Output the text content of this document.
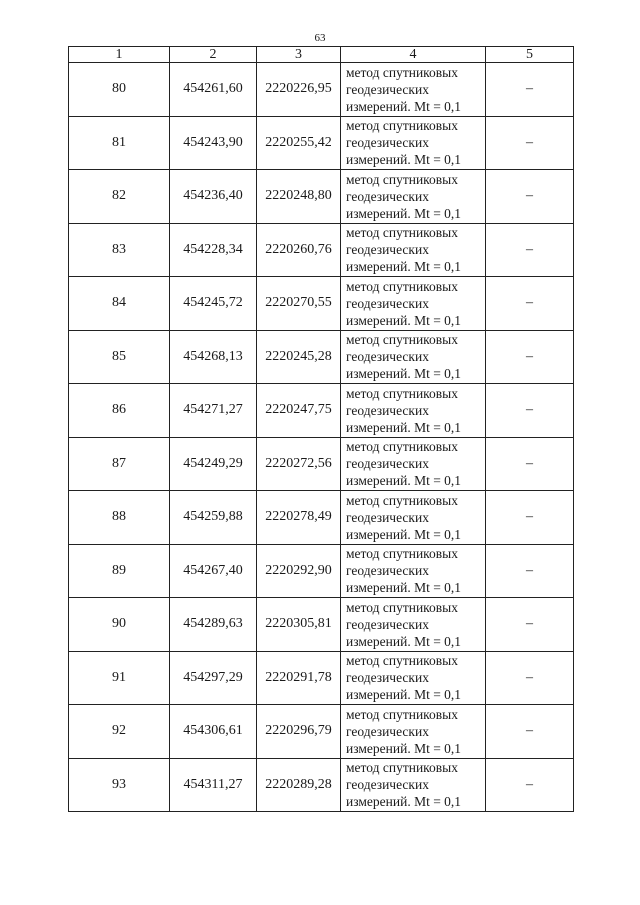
63
1	2	3	4	5
80	454261,60	2220226,95	метод спутниковых
геодезических
измерений. Mt = 0,1	–
81	454243,90	2220255,42	метод спутниковых
геодезических
измерений. Mt = 0,1	–
82	454236,40	2220248,80	метод спутниковых
геодезических
измерений. Mt = 0,1	–
83	454228,34	2220260,76	метод спутниковых
геодезических
измерений. Mt = 0,1	–
84	454245,72	2220270,55	метод спутниковых
геодезических
измерений. Mt = 0,1	–
85	454268,13	2220245,28	метод спутниковых
геодезических
измерений. Mt = 0,1	–
86	454271,27	2220247,75	метод спутниковых
геодезических
измерений. Mt = 0,1	–
87	454249,29	2220272,56	метод спутниковых
геодезических
измерений. Mt = 0,1	–
88	454259,88	2220278,49	метод спутниковых
геодезических
измерений. Mt = 0,1	–
89	454267,40	2220292,90	метод спутниковых
геодезических
измерений. Mt = 0,1	–
90	454289,63	2220305,81	метод спутниковых
геодезических
измерений. Mt = 0,1	–
91	454297,29	2220291,78	метод спутниковых
геодезических
измерений. Mt = 0,1	–
92	454306,61	2220296,79	метод спутниковых
геодезических
измерений. Mt = 0,1	–
93	454311,27	2220289,28	метод спутниковых
геодезических
измерений. Mt = 0,1	–
